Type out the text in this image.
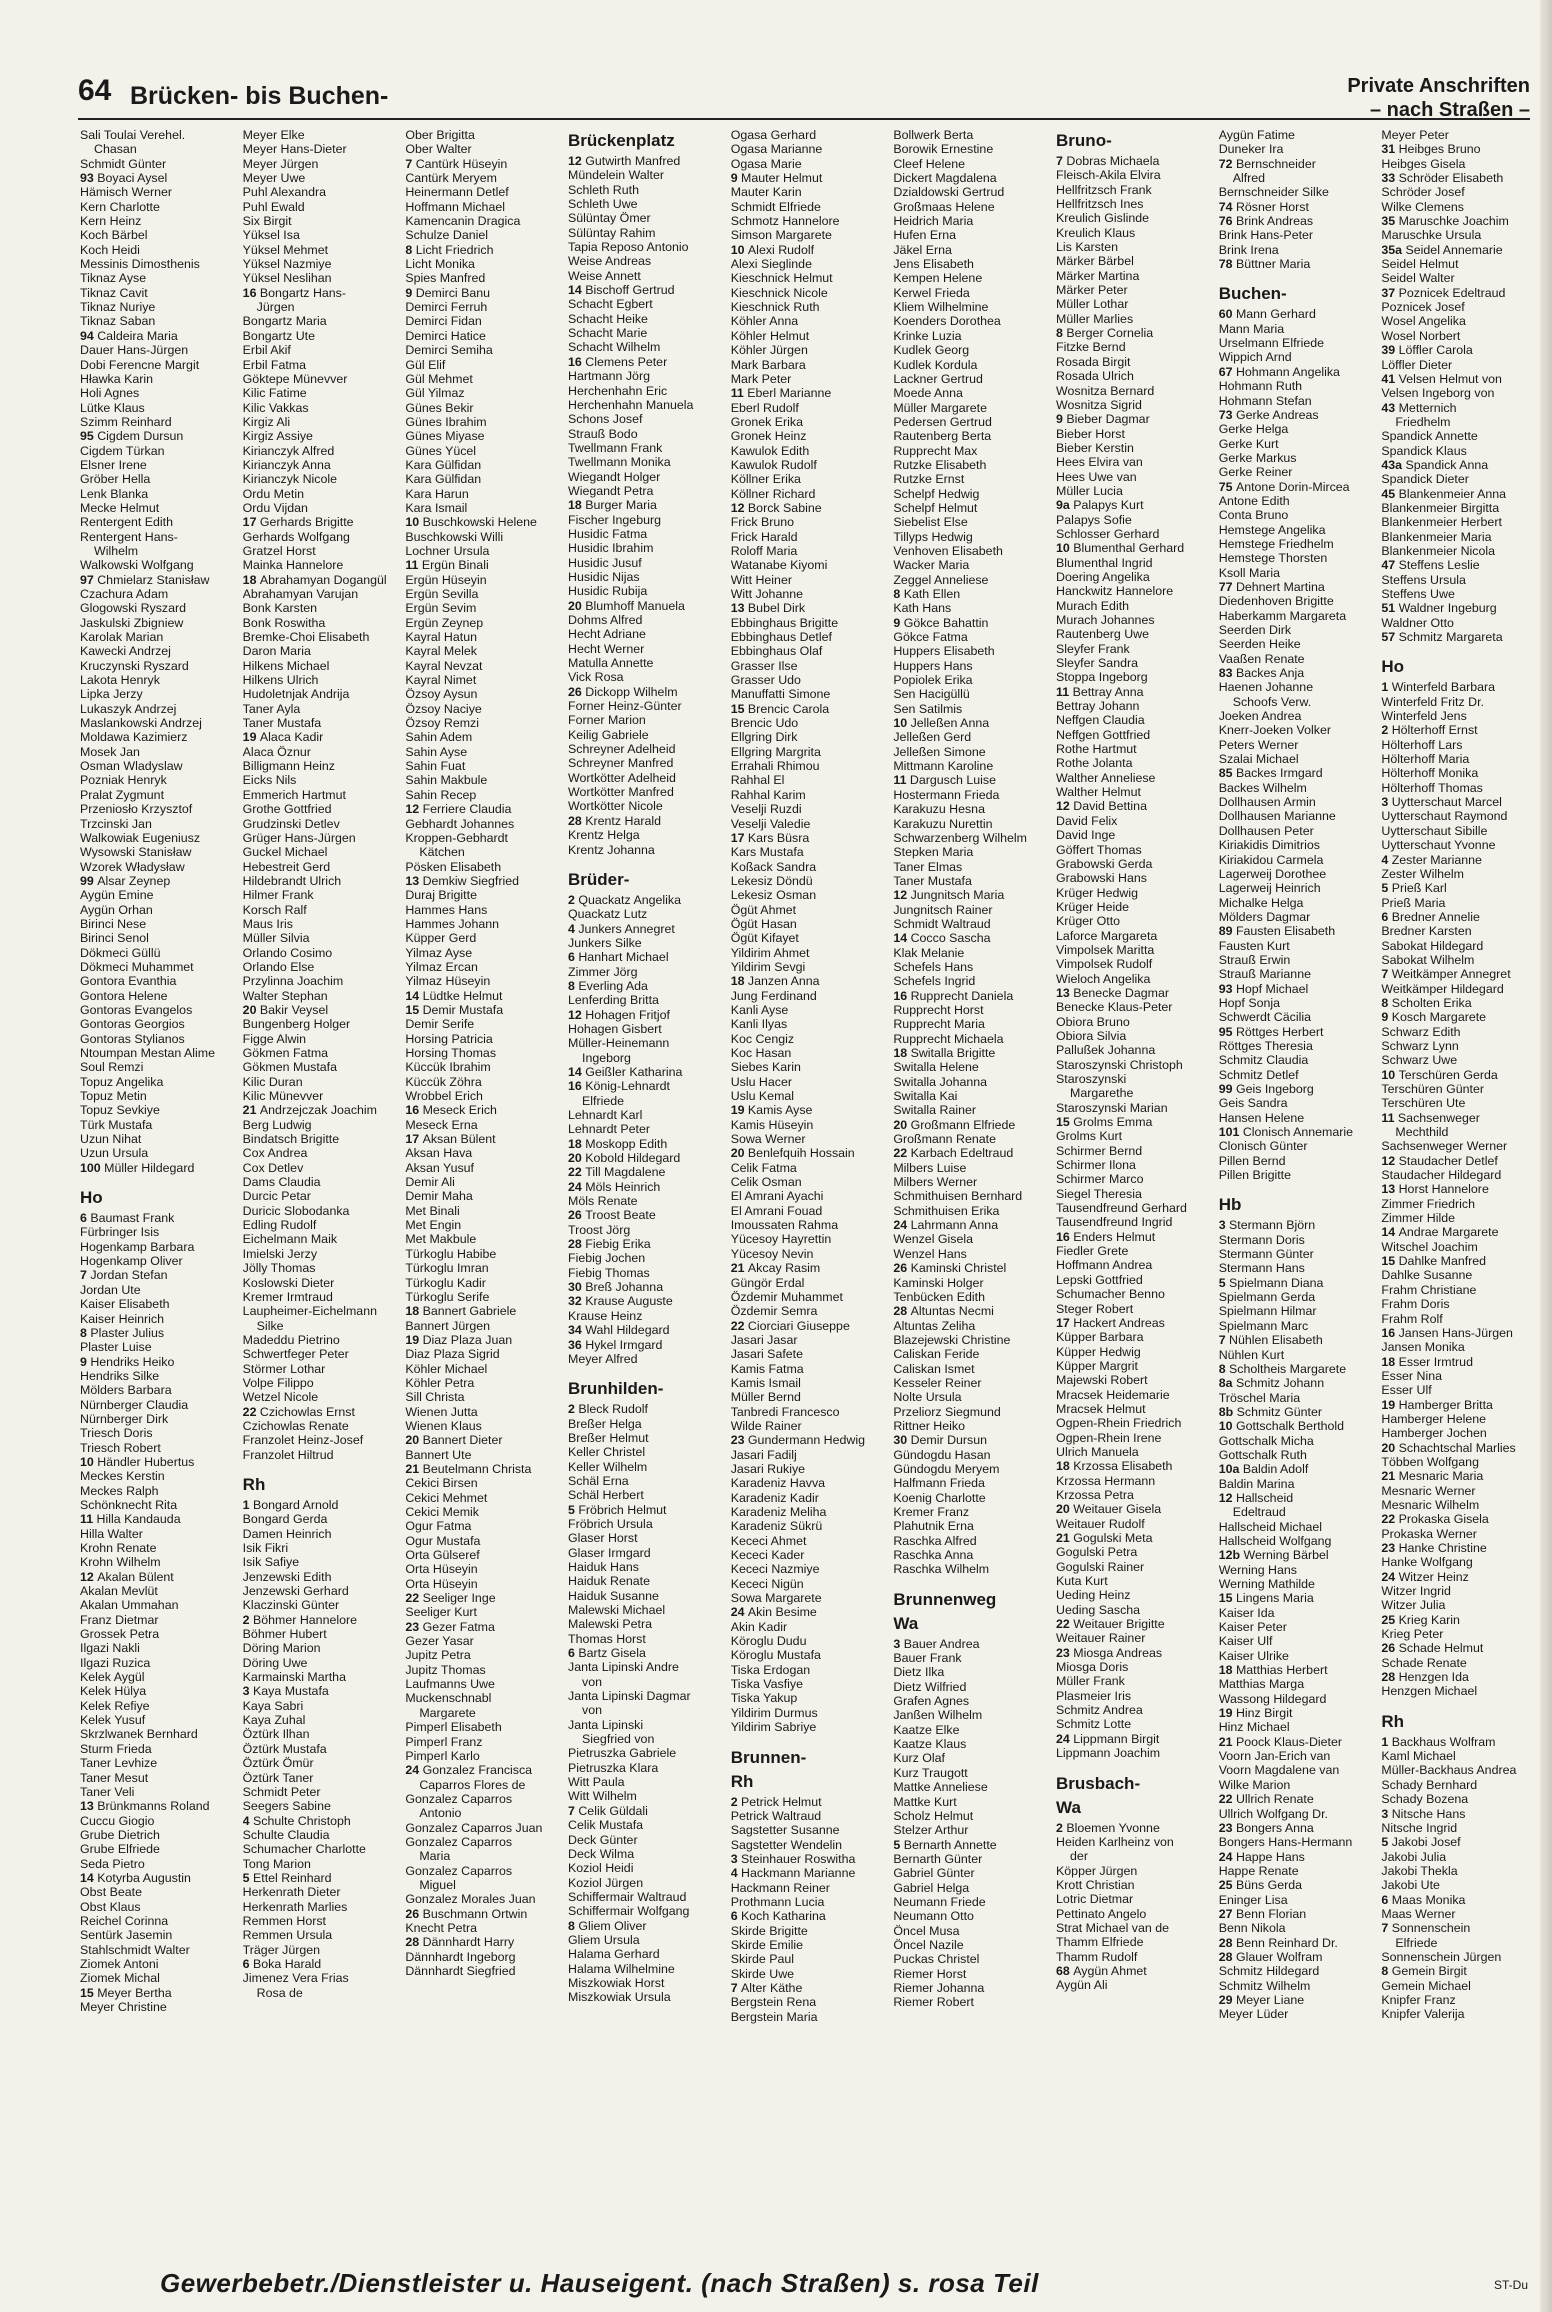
64 Brücken- bis Buchen-	Private Anschriften
– nach Straßen –
Sali Toulai Verehel.
Chasan
Schmidt Günter
93 Boyaci Aysel
Hämisch Werner
Kern Charlotte
Kern Heinz
Koch Bärbel
Koch Heidi
Messinis Dimosthenis
Tiknaz Ayse
Tiknaz Cavit
Tiknaz Nuriye
Tiknaz Saban
94 Caldeira Maria
Dauer Hans-Jürgen
Dobi Ferencne Margit
Hławka Karin
Holi Agnes
Lütke Klaus
Szimm Reinhard
95 Cigdem Dursun
Cigdem Türkan
Elsner Irene
Gröber Hella
Lenk Blanka
Mecke Helmut
Rentergent Edith
Rentergent Hans-
Wilhelm
Walkowski Wolfgang
97 Chmielarz Stanisław
Czachura Adam
Glogowski Ryszard
Jaskulski Zbigniew
Karolak Marian
Kawecki Andrzej
Kruczynski Ryszard
Lakota Henryk
Lipka Jerzy
Lukaszyk Andrzej
Maslankowski Andrzej
Moldawa Kazimierz
Mosek Jan
Osman Wladyslaw
Pozniak Henryk
Pralat Zygmunt
Przeniosło Krzysztof
Trzcinski Jan
Walkowiak Eugeniusz
Wysowski Stanisław
Wzorek Władysław
99 Alsar Zeynep
Aygün Emine
Aygün Orhan
Birinci Nese
Birinci Senol
Dökmeci Güllü
Dökmeci Muhammet
Gontora Evanthia
Gontora Helene
Gontoras Evangelos
Gontoras Georgios
Gontoras Stylianos
Ntoumpan Mestan Alime
Soul Remzi
Topuz Angelika
Topuz Metin
Topuz Sevkiye
Türk Mustafa
Uzun Nihat
Uzun Ursula
100 Müller Hildegard
Ho
6 Baumast Frank
Fürbringer Isis
Hogenkamp Barbara
Hogenkamp Oliver
7 Jordan Stefan
Jordan Ute
Kaiser Elisabeth
Kaiser Heinrich
8 Plaster Julius
Plaster Luise
9 Hendriks Heiko
Hendriks Silke
Mölders Barbara
Nürnberger Claudia
Nürnberger Dirk
Triesch Doris
Triesch Robert
10 Händler Hubertus
Meckes Kerstin
Meckes Ralph
Schönknecht Rita
11 Hilla Kandauda
Hilla Walter
Krohn Renate
Krohn Wilhelm
12 Akalan Bülent
Akalan Mevlüt
Akalan Ummahan
Franz Dietmar
Grossek Petra
Ilgazi Nakli
Ilgazi Ruzica
Kelek Aygül
Kelek Hülya
Kelek Refiye
Kelek Yusuf
Skrzlwanek Bernhard
Sturm Frieda
Taner Levhize
Taner Mesut
Taner Veli
13 Brünkmanns Roland
Cuccu Giogio
Grube Dietrich
Grube Elfriede
Seda Pietro
14 Kotyrba Augustin
Obst Beate
Obst Klaus
Reichel Corinna
Sentürk Jasemin
Stahlschmidt Walter
Ziomek Antoni
Ziomek Michal
15 Meyer Bertha
Meyer Christine
Meyer Elke
Meyer Hans-Dieter
Meyer Jürgen
Meyer Uwe
Puhl Alexandra
Puhl Ewald
Six Birgit
Yüksel Isa
Yüksel Mehmet
Yüksel Nazmiye
Yüksel Neslihan
16 Bongartz Hans-
Jürgen
Bongartz Maria
Bongartz Ute
Erbil Akif
Erbil Fatma
Göktepe Münevver
Kilic Fatime
Kilic Vakkas
Kirgiz Ali
Kirgiz Assiye
Kirianczyk Alfred
Kirianczyk Anna
Kirianczyk Nicole
Ordu Metin
Ordu Vijdan
17 Gerhards Brigitte
Gerhards Wolfgang
Gratzel Horst
Mainka Hannelore
18 Abrahamyan Dogangül
Abrahamyan Varujan
Bonk Karsten
Bonk Roswitha
Bremke-Choi Elisabeth
Daron Maria
Hilkens Michael
Hilkens Ulrich
Hudoletnjak Andrija
Taner Ayla
Taner Mustafa
19 Alaca Kadir
Alaca Öznur
Billigmann Heinz
Eicks Nils
Emmerich Hartmut
Grothe Gottfried
Grudzinski Detlev
Grüger Hans-Jürgen
Guckel Michael
Hebestreit Gerd
Hildebrandt Ulrich
Hilmer Frank
Korsch Ralf
Maus Iris
Müller Silvia
Orlando Cosimo
Orlando Else
Przylinna Joachim
Walter Stephan
20 Bakir Veysel
Bungenberg Holger
Figge Alwin
Gökmen Fatma
Gökmen Mustafa
Kilic Duran
Kilic Münevver
21 Andrzejczak Joachim
Berg Ludwig
Bindatsch Brigitte
Cox Andrea
Cox Detlev
Dams Claudia
Durcic Petar
Duricic Slobodanka
Edling Rudolf
Eichelmann Maik
Imielski Jerzy
Jölly Thomas
Koslowski Dieter
Kremer Irmtraud
Laupheimer-Eichelmann
Silke
Madeddu Pietrino
Schwertfeger Peter
Störmer Lothar
Volpe Filippo
Wetzel Nicole
22 Czichowlas Ernst
Czichowlas Renate
Franzolet Heinz-Josef
Franzolet Hiltrud
Rh
1 Bongard Arnold
Bongard Gerda
Damen Heinrich
Isik Fikri
Isik Safiye
Jenzewski Edith
Jenzewski Gerhard
Klaczinski Günter
2 Böhmer Hannelore
Böhmer Hubert
Döring Marion
Döring Uwe
Karmainski Martha
3 Kaya Mustafa
Kaya Sabri
Kaya Zuhal
Öztürk Ilhan
Öztürk Mustafa
Öztürk Ömür
Öztürk Taner
Schmidt Peter
Seegers Sabine
4 Schulte Christoph
Schulte Claudia
Schumacher Charlotte
Tong Marion
5 Ettel Reinhard
Herkenrath Dieter
Herkenrath Marlies
Remmen Horst
Remmen Ursula
Träger Jürgen
6 Boka Harald
Jimenez Vera Frias
Rosa de
Ober Brigitta
Ober Walter
7 Cantürk Hüseyin
Cantürk Meryem
Heinermann Detlef
Hoffmann Michael
Kamencanin Dragica
Schulze Daniel
8 Licht Friedrich
Licht Monika
Spies Manfred
9 Demirci Banu
Demirci Ferruh
Demirci Fidan
Demirci Hatice
Demirci Semiha
Gül Elif
Gül Mehmet
Gül Yilmaz
Günes Bekir
Günes Ibrahim
Günes Miyase
Günes Yücel
Kara Gülfidan
Kara Gülfidan
Kara Harun
Kara Ismail
10 Buschkowski Helene
Buschkowski Willi
Lochner Ursula
11 Ergün Binali
Ergün Hüseyin
Ergün Sevilla
Ergün Sevim
Ergün Zeynep
Kayral Hatun
Kayral Melek
Kayral Nevzat
Kayral Nimet
Özsoy Aysun
Özsoy Naciye
Özsoy Remzi
Sahin Adem
Sahin Ayse
Sahin Fuat
Sahin Makbule
Sahin Recep
12 Ferriere Claudia
Gebhardt Johannes
Kroppen-Gebhardt
Kätchen
Pösken Elisabeth
13 Demkiw Siegfried
Duraj Brigitte
Hammes Hans
Hammes Johann
Küpper Gerd
Yilmaz Ayse
Yilmaz Ercan
Yilmaz Hüseyin
14 Lüdtke Helmut
15 Demir Mustafa
Demir Serife
Horsing Patricia
Horsing Thomas
Küccük Ibrahim
Küccük Zöhra
Wrobbel Erich
16 Meseck Erich
Meseck Erna
17 Aksan Bülent
Aksan Hava
Aksan Yusuf
Demir Ali
Demir Maha
Met Binali
Met Engin
Met Makbule
Türkoglu Habibe
Türkoglu Imran
Türkoglu Kadir
Türkoglu Serife
18 Bannert Gabriele
Bannert Jürgen
19 Diaz Plaza Juan
Diaz Plaza Sigrid
Köhler Michael
Köhler Petra
Sill Christa
Wienen Jutta
Wienen Klaus
20 Bannert Dieter
Bannert Ute
21 Beutelmann Christa
Cekici Birsen
Cekici Mehmet
Cekici Memik
Ogur Fatma
Ogur Mustafa
Orta Gülseref
Orta Hüseyin
Orta Hüseyin
22 Seeliger Inge
Seeliger Kurt
23 Gezer Fatma
Gezer Yasar
Jupitz Petra
Jupitz Thomas
Laufmanns Uwe
Muckenschnabl
Margarete
Pimperl Elisabeth
Pimperl Franz
Pimperl Karlo
24 Gonzalez Francisca
Caparros Flores de
Gonzalez Caparros
Antonio
Gonzalez Caparros Juan
Gonzalez Caparros
Maria
Gonzalez Caparros
Miguel
Gonzalez Morales Juan
26 Buschmann Ortwin
Knecht Petra
28 Dännhardt Harry
Dännhardt Ingeborg
Dännhardt Siegfried
Brückenplatz
12 Gutwirth Manfred
Mündelein Walter
Schleth Ruth
Schleth Uwe
Sülüntay Ömer
Sülüntay Rahim
Tapia Reposo Antonio
Weise Andreas
Weise Annett
14 Bischoff Gertrud
Schacht Egbert
Schacht Heike
Schacht Marie
Schacht Wilhelm
16 Clemens Peter
Hartmann Jörg
Herchenhahn Eric
Herchenhahn Manuela
Schons Josef
Strauß Bodo
Twellmann Frank
Twellmann Monika
Wiegandt Holger
Wiegandt Petra
18 Burger Maria
Fischer Ingeburg
Husidic Fatma
Husidic Ibrahim
Husidic Jusuf
Husidic Nijas
Husidic Rubija
20 Blumhoff Manuela
Dohms Alfred
Hecht Adriane
Hecht Werner
Matulla Annette
Vick Rosa
26 Dickopp Wilhelm
Forner Heinz-Günter
Forner Marion
Keilig Gabriele
Schreyner Adelheid
Schreyner Manfred
Wortkötter Adelheid
Wortkötter Manfred
Wortkötter Nicole
28 Krentz Harald
Krentz Helga
Krentz Johanna
Brüder-
2 Quackatz Angelika
Quackatz Lutz
4 Junkers Annegret
Junkers Silke
6 Hanhart Michael
Zimmer Jörg
8 Everling Ada
Lenferding Britta
12 Hohagen Fritjof
Hohagen Gisbert
Müller-Heinemann
Ingeborg
14 Geißler Katharina
16 König-Lehnardt
Elfriede
Lehnardt Karl
Lehnardt Peter
18 Moskopp Edith
20 Kobold Hildegard
22 Till Magdalene
24 Möls Heinrich
Möls Renate
26 Troost Beate
Troost Jörg
28 Fiebig Erika
Fiebig Jochen
Fiebig Thomas
30 Breß Johanna
32 Krause Auguste
Krause Heinz
34 Wahl Hildegard
36 Hykel Irmgard
Meyer Alfred
Brunhilden-
2 Bleck Rudolf
Breßer Helga
Breßer Helmut
Keller Christel
Keller Wilhelm
Schäl Erna
Schäl Herbert
5 Fröbrich Helmut
Fröbrich Ursula
Glaser Horst
Glaser Irmgard
Haiduk Hans
Haiduk Renate
Haiduk Susanne
Malewski Michael
Malewski Petra
Thomas Horst
6 Bartz Gisela
Janta Lipinski Andre
von
Janta Lipinski Dagmar
von
Janta Lipinski
Siegfried von
Pietruszka Gabriele
Pietruszka Klara
Witt Paula
Witt Wilhelm
7 Celik Güldali
Celik Mustafa
Deck Günter
Deck Wilma
Koziol Heidi
Koziol Jürgen
Schiffermair Waltraud
Schiffermair Wolfgang
8 Gliem Oliver
Gliem Ursula
Halama Gerhard
Halama Wilhelmine
Miszkowiak Horst
Miszkowiak Ursula
Ogasa Gerhard
Ogasa Marianne
Ogasa Marie
9 Mauter Helmut
Mauter Karin
Schmidt Elfriede
Schmotz Hannelore
Simson Margarete
10 Alexi Rudolf
Alexi Sieglinde
Kieschnick Helmut
Kieschnick Nicole
Kieschnick Ruth
Köhler Anna
Köhler Helmut
Köhler Jürgen
Mark Barbara
Mark Peter
11 Eberl Marianne
Eberl Rudolf
Gronek Erika
Gronek Heinz
Kawulok Edith
Kawulok Rudolf
Köllner Erika
Köllner Richard
12 Borck Sabine
Frick Bruno
Frick Harald
Roloff Maria
Watanabe Kiyomi
Witt Heiner
Witt Johanne
13 Bubel Dirk
Ebbinghaus Brigitte
Ebbinghaus Detlef
Ebbinghaus Olaf
Grasser Ilse
Grasser Udo
Manuffatti Simone
15 Brencic Carola
Brencic Udo
Ellgring Dirk
Ellgring Margrita
Errahali Rhimou
Rahhal El
Rahhal Karim
Veselji Ruzdi
Veselji Valedie
17 Kars Büsra
Kars Mustafa
Koßack Sandra
Lekesiz Döndü
Lekesiz Osman
Ögüt Ahmet
Ögüt Hasan
Ögüt Kifayet
Yildirim Ahmet
Yildirim Sevgi
18 Janzen Anna
Jung Ferdinand
Kanli Ayse
Kanli Ilyas
Koc Cengiz
Koc Hasan
Siebes Karin
Uslu Hacer
Uslu Kemal
19 Kamis Ayse
Kamis Hüseyin
Sowa Werner
20 Benlefquih Hossain
Celik Fatma
Celik Osman
El Amrani Ayachi
El Amrani Fouad
Imoussaten Rahma
Yücesoy Hayrettin
Yücesoy Nevin
21 Akcay Rasim
Güngör Erdal
Özdemir Muhammet
Özdemir Semra
22 Ciorciari Giuseppe
Jasari Jasar
Jasari Safete
Kamis Fatma
Kamis Ismail
Müller Bernd
Tanbredi Francesco
Wilde Rainer
23 Gundermann Hedwig
Jasari Fadilj
Jasari Rukiye
Karadeniz Havva
Karadeniz Kadir
Karadeniz Meliha
Karadeniz Sükrü
Kececi Ahmet
Kececi Kader
Kececi Nazmiye
Kececi Nigün
Sowa Margarete
24 Akin Besime
Akin Kadir
Köroglu Dudu
Köroglu Mustafa
Tiska Erdogan
Tiska Vasfiye
Tiska Yakup
Yildirim Durmus
Yildirim Sabriye
Brunnen-
Rh
2 Petrick Helmut
Petrick Waltraud
Sagstetter Susanne
Sagstetter Wendelin
3 Steinhauer Roswitha
4 Hackmann Marianne
Hackmann Reiner
Prothmann Lucia
6 Koch Katharina
Skirde Brigitte
Skirde Emilie
Skirde Paul
Skirde Uwe
7 Alter Käthe
Bergstein Rena
Bergstein Maria
Bollwerk Berta
Borowik Ernestine
Cleef Helene
Dickert Magdalena
Dzialdowski Gertrud
Großmaas Helene
Heidrich Maria
Hufen Erna
Jäkel Erna
Jens Elisabeth
Kempen Helene
Kerwel Frieda
Kliem Wilhelmine
Koenders Dorothea
Krinke Luzia
Kudlek Georg
Kudlek Kordula
Lackner Gertrud
Moede Anna
Müller Margarete
Pedersen Gertrud
Rautenberg Berta
Rupprecht Max
Rutzke Elisabeth
Rutzke Ernst
Schelpf Hedwig
Schelpf Helmut
Siebelist Else
Tillyps Hedwig
Venhoven Elisabeth
Wacker Maria
Zeggel Anneliese
8 Kath Ellen
Kath Hans
9 Gökce Bahattin
Gökce Fatma
Huppers Elisabeth
Huppers Hans
Popiolek Erika
Sen Hacigüllü
Sen Satilmis
10 Jelleßen Anna
Jelleßen Gerd
Jelleßen Simone
Mittmann Karoline
11 Dargusch Luise
Hostermann Frieda
Karakuzu Hesna
Karakuzu Nurettin
Schwarzenberg Wilhelm
Stepken Maria
Taner Elmas
Taner Mustafa
12 Jungnitsch Maria
Jungnitsch Rainer
Schmidt Waltraud
14 Cocco Sascha
Klak Melanie
Schefels Hans
Schefels Ingrid
16 Rupprecht Daniela
Rupprecht Horst
Rupprecht Maria
Rupprecht Michaela
18 Switalla Brigitte
Switalla Helene
Switalla Johanna
Switalla Kai
Switalla Rainer
20 Großmann Elfriede
Großmann Renate
22 Karbach Edeltraud
Milbers Luise
Milbers Werner
Schmithuisen Bernhard
Schmithuisen Erika
24 Lahrmann Anna
Wenzel Gisela
Wenzel Hans
26 Kaminski Christel
Kaminski Holger
Tenbücken Edith
28 Altuntas Necmi
Altuntas Zeliha
Blazejewski Christine
Caliskan Feride
Caliskan Ismet
Kesseler Reiner
Nolte Ursula
Przeliorz Siegmund
Rittner Heiko
30 Demir Dursun
Gündogdu Hasan
Gündogdu Meryem
Halfmann Frieda
Koenig Charlotte
Kremer Franz
Plahutnik Erna
Raschka Alfred
Raschka Anna
Raschka Wilhelm
Brunnenweg
Wa
3 Bauer Andrea
Bauer Frank
Dietz Ilka
Dietz Wilfried
Grafen Agnes
Janßen Wilhelm
Kaatze Elke
Kaatze Klaus
Kurz Olaf
Kurz Traugott
Mattke Anneliese
Mattke Kurt
Scholz Helmut
Stelzer Arthur
5 Bernarth Annette
Bernarth Günter
Gabriel Günter
Gabriel Helga
Neumann Friede
Neumann Otto
Öncel Musa
Öncel Nazile
Puckas Christel
Riemer Horst
Riemer Johanna
Riemer Robert
Bruno-
7 Dobras Michaela
Fleisch-Akila Elvira
Hellfritzsch Frank
Hellfritzsch Ines
Kreulich Gislinde
Kreulich Klaus
Lis Karsten
Märker Bärbel
Märker Martina
Märker Peter
Müller Lothar
Müller Marlies
8 Berger Cornelia
Fitzke Bernd
Rosada Birgit
Rosada Ulrich
Wosnitza Bernard
Wosnitza Sigrid
9 Bieber Dagmar
Bieber Horst
Bieber Kerstin
Hees Elvira van
Hees Uwe van
Müller Lucia
9a Palapys Kurt
Palapys Sofie
Schlosser Gerhard
10 Blumenthal Gerhard
Blumenthal Ingrid
Doering Angelika
Hanckwitz Hannelore
Murach Edith
Murach Johannes
Rautenberg Uwe
Sleyfer Frank
Sleyfer Sandra
Stoppa Ingeborg
11 Bettray Anna
Bettray Johann
Neffgen Claudia
Neffgen Gottfried
Rothe Hartmut
Rothe Jolanta
Walther Anneliese
Walther Helmut
12 David Bettina
David Felix
David Inge
Göffert Thomas
Grabowski Gerda
Grabowski Hans
Krüger Hedwig
Krüger Heide
Krüger Otto
Laforce Margareta
Vimpolsek Maritta
Vimpolsek Rudolf
Wieloch Angelika
13 Benecke Dagmar
Benecke Klaus-Peter
Obiora Bruno
Obiora Silvia
Pallußek Johanna
Staroszynski Christoph
Staroszynski
Margarethe
Staroszynski Marian
15 Grolms Emma
Grolms Kurt
Schirmer Bernd
Schirmer Ilona
Schirmer Marco
Siegel Theresia
Tausendfreund Gerhard
Tausendfreund Ingrid
16 Enders Helmut
Fiedler Grete
Hoffmann Andrea
Lepski Gottfried
Schumacher Benno
Steger Robert
17 Hackert Andreas
Küpper Barbara
Küpper Hedwig
Küpper Margrit
Majewski Robert
Mracsek Heidemarie
Mracsek Helmut
Ogpen-Rhein Friedrich
Ogpen-Rhein Irene
Ulrich Manuela
18 Krzossa Elisabeth
Krzossa Hermann
Krzossa Petra
20 Weitauer Gisela
Weitauer Rudolf
21 Gogulski Meta
Gogulski Petra
Gogulski Rainer
Kuta Kurt
Ueding Heinz
Ueding Sascha
22 Weitauer Brigitte
Weitauer Rainer
23 Miosga Andreas
Miosga Doris
Müller Frank
Plasmeier Iris
Schmitz Andrea
Schmitz Lotte
24 Lippmann Birgit
Lippmann Joachim
Brusbach-
Wa
2 Bloemen Yvonne
Heiden Karlheinz von
der
Köpper Jürgen
Krott Christian
Lotric Dietmar
Pettinato Angelo
Strat Michael van de
Thamm Elfriede
Thamm Rudolf
68 Aygün Ahmet
Aygün Ali
Aygün Fatime
Duneker Ira
72 Bernschneider
Alfred
Bernschneider Silke
74 Rösner Horst
76 Brink Andreas
Brink Hans-Peter
Brink Irena
78 Büttner Maria
Buchen-
60 Mann Gerhard
Mann Maria
Urselmann Elfriede
Wippich Arnd
67 Hohmann Angelika
Hohmann Ruth
Hohmann Stefan
73 Gerke Andreas
Gerke Helga
Gerke Kurt
Gerke Markus
Gerke Reiner
75 Antone Dorin-Mircea
Antone Edith
Conta Bruno
Hemstege Angelika
Hemstege Friedhelm
Hemstege Thorsten
Ksoll Maria
77 Dehnert Martina
Diedenhoven Brigitte
Haberkamm Margareta
Seerden Dirk
Seerden Heike
Vaaßen Renate
83 Backes Anja
Haenen Johanne
Schoofs Verw.
Joeken Andrea
Knerr-Joeken Volker
Peters Werner
Szalai Michael
85 Backes Irmgard
Backes Wilhelm
Dollhausen Armin
Dollhausen Marianne
Dollhausen Peter
Kiriakidis Dimitrios
Kiriakidou Carmela
Lagerweij Dorothee
Lagerweij Heinrich
Michalke Helga
Mölders Dagmar
89 Fausten Elisabeth
Fausten Kurt
Strauß Erwin
Strauß Marianne
93 Hopf Michael
Hopf Sonja
Schwerdt Cäcilia
95 Röttges Herbert
Röttges Theresia
Schmitz Claudia
Schmitz Detlef
99 Geis Ingeborg
Geis Sandra
Hansen Helene
101 Clonisch Annemarie
Clonisch Günter
Pillen Bernd
Pillen Brigitte
Hb
3 Stermann Björn
Stermann Doris
Stermann Günter
Stermann Hans
5 Spielmann Diana
Spielmann Gerda
Spielmann Hilmar
Spielmann Marc
7 Nühlen Elisabeth
Nühlen Kurt
8 Scholtheis Margarete
8a Schmitz Johann
Tröschel Maria
8b Schmitz Günter
10 Gottschalk Berthold
Gottschalk Micha
Gottschalk Ruth
10a Baldin Adolf
Baldin Marina
12 Hallscheid
Edeltraud
Hallscheid Michael
Hallscheid Wolfgang
12b Werning Bärbel
Werning Hans
Werning Mathilde
15 Lingens Maria
Kaiser Ida
Kaiser Peter
Kaiser Ulf
Kaiser Ulrike
18 Matthias Herbert
Matthias Marga
Wassong Hildegard
19 Hinz Birgit
Hinz Michael
21 Poock Klaus-Dieter
Voorn Jan-Erich van
Voorn Magdalene van
Wilke Marion
22 Ullrich Renate
Ullrich Wolfgang Dr.
23 Bongers Anna
Bongers Hans-Hermann
24 Happe Hans
Happe Renate
25 Büns Gerda
Eninger Lisa
27 Benn Florian
Benn Nikola
28 Benn Reinhard Dr.
28 Glauer Wolfram
Schmitz Hildegard
Schmitz Wilhelm
29 Meyer Liane
Meyer Lüder
Meyer Peter
31 Heibges Bruno
Heibges Gisela
33 Schröder Elisabeth
Schröder Josef
Wilke Clemens
35 Maruschke Joachim
Maruschke Ursula
35a Seidel Annemarie
Seidel Helmut
Seidel Walter
37 Poznicek Edeltraud
Poznicek Josef
Wosel Angelika
Wosel Norbert
39 Löffler Carola
Löffler Dieter
41 Velsen Helmut von
Velsen Ingeborg von
43 Metternich
Friedhelm
Spandick Annette
Spandick Klaus
43a Spandick Anna
Spandick Dieter
45 Blankenmeier Anna
Blankenmeier Birgitta
Blankenmeier Herbert
Blankenmeier Maria
Blankenmeier Nicola
47 Steffens Leslie
Steffens Ursula
Steffens Uwe
51 Waldner Ingeburg
Waldner Otto
57 Schmitz Margareta
Ho
1 Winterfeld Barbara
Winterfeld Fritz Dr.
Winterfeld Jens
2 Hölterhoff Ernst
Hölterhoff Lars
Hölterhoff Maria
Hölterhoff Monika
Hölterhoff Thomas
3 Uytterschaut Marcel
Uytterschaut Raymond
Uytterschaut Sibille
Uytterschaut Yvonne
4 Zester Marianne
Zester Wilhelm
5 Prieß Karl
Prieß Maria
6 Bredner Annelie
Bredner Karsten
Sabokat Hildegard
Sabokat Wilhelm
7 Weitkämper Annegret
Weitkämper Hildegard
8 Scholten Erika
9 Kosch Margarete
Schwarz Edith
Schwarz Lynn
Schwarz Uwe
10 Terschüren Gerda
Terschüren Günter
Terschüren Ute
11 Sachsenweger
Mechthild
Sachsenweger Werner
12 Staudacher Detlef
Staudacher Hildegard
13 Horst Hannelore
Zimmer Friedrich
Zimmer Hilde
14 Andrae Margarete
Witschel Joachim
15 Dahlke Manfred
Dahlke Susanne
Frahm Christiane
Frahm Doris
Frahm Rolf
16 Jansen Hans-Jürgen
Jansen Monika
18 Esser Irmtrud
Esser Nina
Esser Ulf
19 Hamberger Britta
Hamberger Helene
Hamberger Jochen
20 Schachtschal Marlies
Többen Wolfgang
21 Mesnaric Maria
Mesnaric Werner
Mesnaric Wilhelm
22 Prokaska Gisela
Prokaska Werner
23 Hanke Christine
Hanke Wolfgang
24 Witzer Heinz
Witzer Ingrid
Witzer Julia
25 Krieg Karin
Krieg Peter
26 Schade Helmut
Schade Renate
28 Henzgen Ida
Henzgen Michael
Rh
1 Backhaus Wolfram
Kaml Michael
Müller-Backhaus Andrea
Schady Bernhard
Schady Bozena
3 Nitsche Hans
Nitsche Ingrid
5 Jakobi Josef
Jakobi Julia
Jakobi Thekla
Jakobi Ute
6 Maas Monika
Maas Werner
7 Sonnenschein
Elfriede
Sonnenschein Jürgen
8 Gemein Birgit
Gemein Michael
Knipfer Franz
Knipfer Valerija
Gewerbebetr./Dienstleister u. Hauseigent. (nach Straßen) s. rosa Teil	ST-Du
